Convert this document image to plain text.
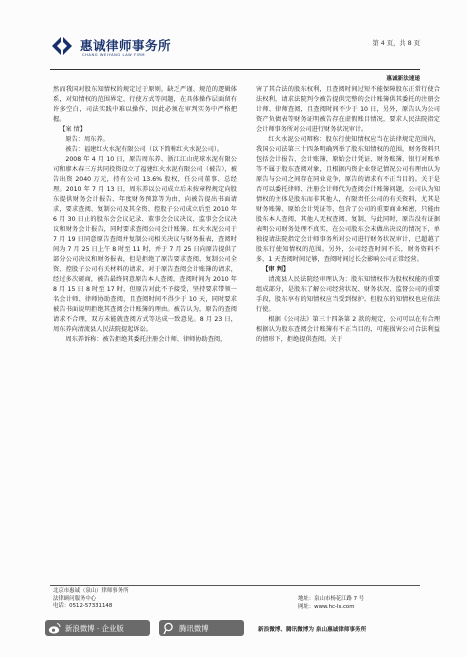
惠诚律师事务所
CHANG WEIYANG LAW FIRM
第 4 页，共 8 页
惠诚新法速递

然而我国对股东知情权的规定过于原则，缺乏严谨、规范的逻辑体系，对知情权的范围界定、行使方式等问题，在具体操作层面留有许多空白，司法实践中难以操作，因此必须在审判实务中严格把握。

【案 情】

原告：周东养。

被告：福建红火水泥有限公司（以下简称红火水泥公司）。

2008 年 4 月 10 日，原告周东养、浙江江山虎球水泥有限公司和廖木春三方共同投资设立了福建红火水泥有限公司（被告），被告出资 2040 万元，持有公司 13.6% 股权，任公司董事、总经理。2010 年 7 月 13 日，周东养以公司成立后未按章程规定向股东提供财务会计报告、年度财务预算等为由，向被告提出书面请求，要求查阅、复制公司及其全资、控股子公司成立后至 2010 年 6 月 30 日止的股东会会议记录、董事会会议决议、监事会会议决议和财务会计报告，同时要求查阅公司会计账簿。红火水泥公司于 7 月 19 日同意原告查阅并复制公司相关决议与财务报表，查阅时间为 7 月 25 日上午 8 时至 11 时，并于 7 月 25 日向原告提供了部分公司决议和财务报表，但是拒绝了原告要求查阅、复制公司全资、控股子公司有关材料的请求。对于原告查阅会计账簿的请求，经过多次磋商，被告最终同意原告本人查阅，查阅时间为 2010 年 8 月 15 日 8 时至 17 时，但原告对此不予接受，坚持要求带领一名会计师、律师协助查阅，且查阅时间不得少于 10 天，同时要求被告书面说明拒绝其查阅会计账簿的理由。被告认为，原告的查阅请求不合理，双方未能就查阅方式等达成一致意见。8 月 23 日，周东养向清流县人民法院提起诉讼。

周东养诉称：被告拒绝其委托注册会计师、律师协助查阅，

害了其合法的股东权利，且查阅时间过短不能保障股东正常行使合法权利，请求法院判令被告提供完整的会计账簿供其委托的注册会计师、律师查阅，且查阅时间不少于 10 日，另外，原告认为公司资产负债表等财务证明被告存在虚假账目情况，要求人民法院指定会计师事务所对公司进行财务状况审计。

红火水泥公司辩称：股东行使知情权应当在法律规定范围内，我国公司法第三十四条明确列举了股东知情权的范围，财务资料只包括会计报告、会计账簿，原始会计凭证、财务账簿、银行对账单等不属于股东查阅对象，且根据内资企业登记情况公司有理由认为原告与公司之间存在同业竞争，原告的请求有不正当目的。关于是否可以委托律师、注册会计师代为查阅会计账簿问题，公司认为知情权的主体是股东而非其他人，有限责任公司的有关资料，尤其是财务账簿、原始会计凭证等，包含了公司的重要商业秘密，只能由股东本人查阅，其他人无权查阅、复制，与此同时，原告没有证据表明公司财务处理不真实，在公司股东会未做出决议的情况下，单独提请法院指定会计师事务所对公司进行财务状况审计，已超越了股东行使知情权的范围。另外，公司经查时间不长，财务资料不多，1 天查阅时间足够，查阅时间过长会影响公司正常经营。

【审 判】

清流县人民法院经审理认为：股东知情权作为股权权能的重要组成部分，是股东了解公司经营状况、财务状况、监督公司的重要手段，股东享有的知情权应当受到保护。但股东的知情权也应依法行使。

根据《公司法》第三十四条第 2 款的规定，公司可以在有合理根据认为股东查阅会计账簿有不正当目的，可能损害公司合法利益的情形下，拒绝提供查阅。关于

北京市惠诚（泉山）律师事务所
法律顾问服务中心
电话：0512-57331148
地址：泉山市杨花江路 7 号
网址：www.hc-ls.com
新浪微博 · 企业版	腾讯微博	新浪微博、腾讯微博为 泉山惠诚律师事务所
